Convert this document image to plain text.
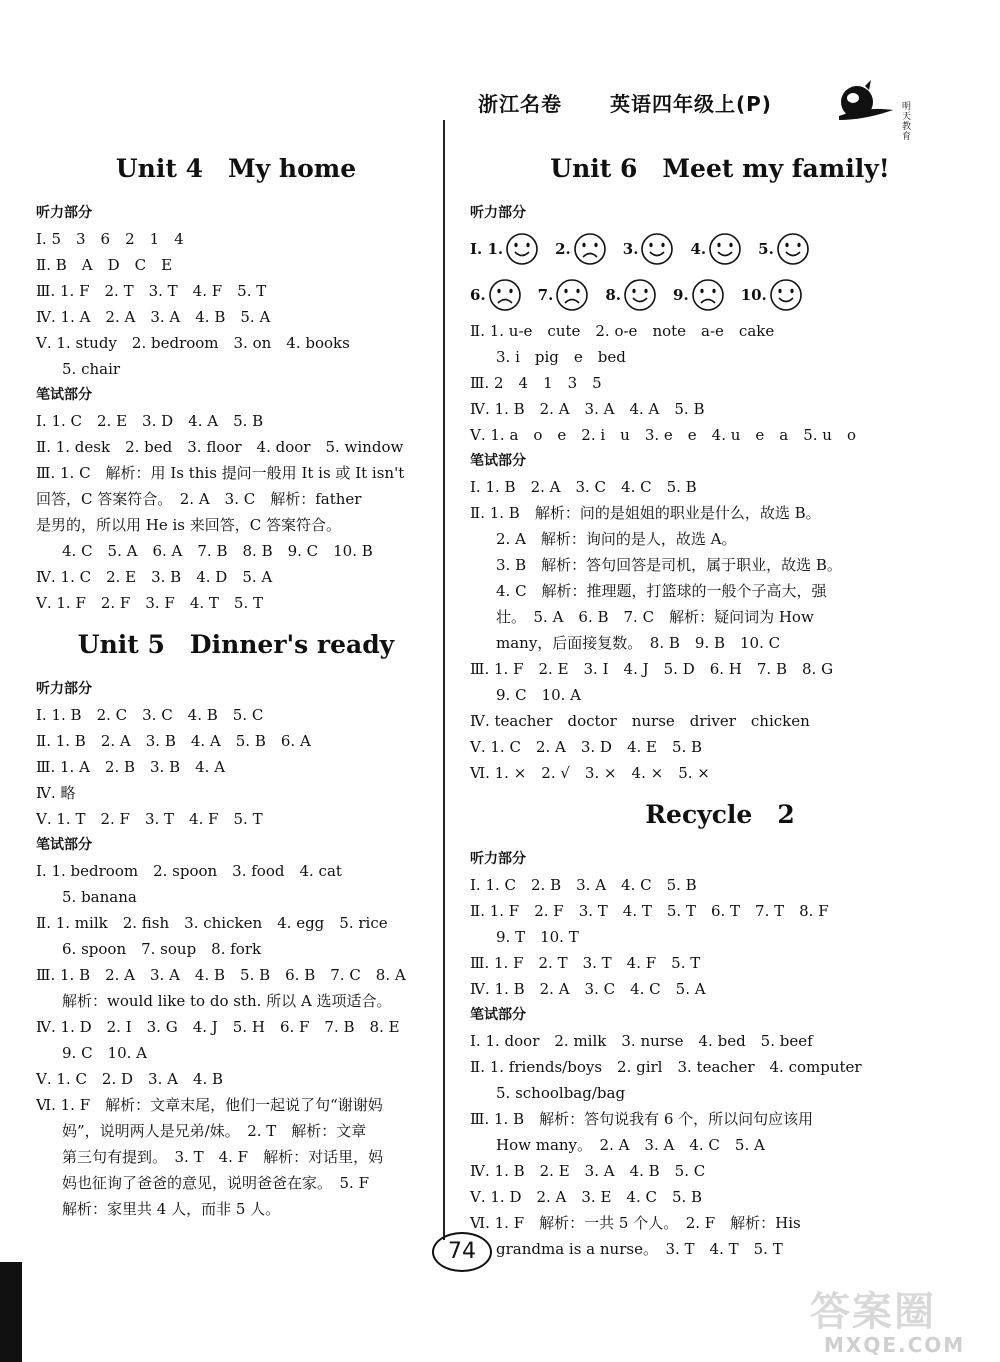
浙江名卷 英语四年级上(P)	明天教育
Unit 4　My home
听力部分
Ⅰ. 5　3　6　2　1　4
Ⅱ. B　A　D　C　E
Ⅲ. 1. F　2. T　3. T　4. F　5. T
Ⅳ. 1. A　2. A　3. A　4. B　5. A
Ⅴ. 1. study　2. bedroom　3. on　4. books
5. chair
笔试部分
Ⅰ. 1. C　2. E　3. D　4. A　5. B
Ⅱ. 1. desk　2. bed　3. floor　4. door　5. window
Ⅲ. 1. C　解析：用 Is this 提问一般用 It is 或 It isn't
回答，C 答案符合。　2. A　3. C　解析：father
是男的，所以用 He is 来回答，C 答案符合。
4. C　5. A　6. A　7. B　8. B　9. C　10. B
Ⅳ. 1. C　2. E　3. B　4. D　5. A
Ⅴ. 1. F　2. F　3. F　4. T　5. T
Unit 5　Dinner's ready
听力部分
Ⅰ. 1. B　2. C　3. C　4. B　5. C
Ⅱ. 1. B　2. A　3. B　4. A　5. B　6. A
Ⅲ. 1. A　2. B　3. B　4. A
Ⅳ. 略
Ⅴ. 1. T　2. F　3. T　4. F　5. T
笔试部分
Ⅰ. 1. bedroom　2. spoon　3. food　4. cat
5. banana
Ⅱ. 1. milk　2. fish　3. chicken　4. egg　5. rice
6. spoon　7. soup　8. fork
Ⅲ. 1. B　2. A　3. A　4. B　5. B　6. B　7. C　8. A
解析：would like to do sth. 所以 A 选项适合。
Ⅳ. 1. D　2. I　3. G　4. J　5. H　6. F　7. B　8. E
9. C　10. A
Ⅴ. 1. C　2. D　3. A　4. B
Ⅵ. 1. F　解析：文章末尾，他们一起说了句“谢谢妈
妈”，说明两人是兄弟/妹。　2. T　解析：文章
第三句有提到。　3. T　4. F　解析：对话里，妈
妈也征询了爸爸的意见，说明爸爸在家。　5. F
解析：家里共 4 人，而非 5 人。
Unit 6　Meet my family!
听力部分
Ⅰ. 1.	2.	3.	4.	5.
6.	7.	8.	9.	10.
Ⅱ. 1. u-e　cute　2. o-e　note　a-e　cake
3. i　pig　e　bed
Ⅲ. 2　4　1　3　5
Ⅳ. 1. B　2. A　3. A　4. A　5. B
Ⅴ. 1. a　o　e　2. i　u　3. e　e　4. u　e　a　5. u　o
笔试部分
Ⅰ. 1. B　2. A　3. C　4. C　5. B
Ⅱ. 1. B　解析：问的是姐姐的职业是什么，故选 B。
2. A　解析：询问的是人，故选 A。
3. B　解析：答句回答是司机，属于职业，故选 B。
4. C　解析：推理题，打篮球的一般个子高大，强
壮。　5. A　6. B　7. C　解析：疑问词为 How
many，后面接复数。　8. B　9. B　10. C
Ⅲ. 1. F　2. E　3. I　4. J　5. D　6. H　7. B　8. G
9. C　10. A
Ⅳ. teacher　doctor　nurse　driver　chicken
Ⅴ. 1. C　2. A　3. D　4. E　5. B
Ⅵ. 1. ×　2. √　3. ×　4. ×　5. ×
Recycle　2
听力部分
Ⅰ. 1. C　2. B　3. A　4. C　5. B
Ⅱ. 1. F　2. F　3. T　4. T　5. T　6. T　7. T　8. F
9. T　10. T
Ⅲ. 1. F　2. T　3. T　4. F　5. T
Ⅳ. 1. B　2. A　3. C　4. C　5. A
笔试部分
Ⅰ. 1. door　2. milk　3. nurse　4. bed　5. beef
Ⅱ. 1. friends/boys　2. girl　3. teacher　4. computer
5. schoolbag/bag
Ⅲ. 1. B　解析：答句说我有 6 个，所以问句应该用
How many。　2. A　3. A　4. C　5. A
Ⅳ. 1. B　2. E　3. A　4. B　5. C
Ⅴ. 1. D　2. A　3. E　4. C　5. B
Ⅵ. 1. F　解析：一共 5 个人。　2. F　解析：His
grandma is a nurse。　3. T　4. T　5. T
74
答案圈
MXQE.COM
